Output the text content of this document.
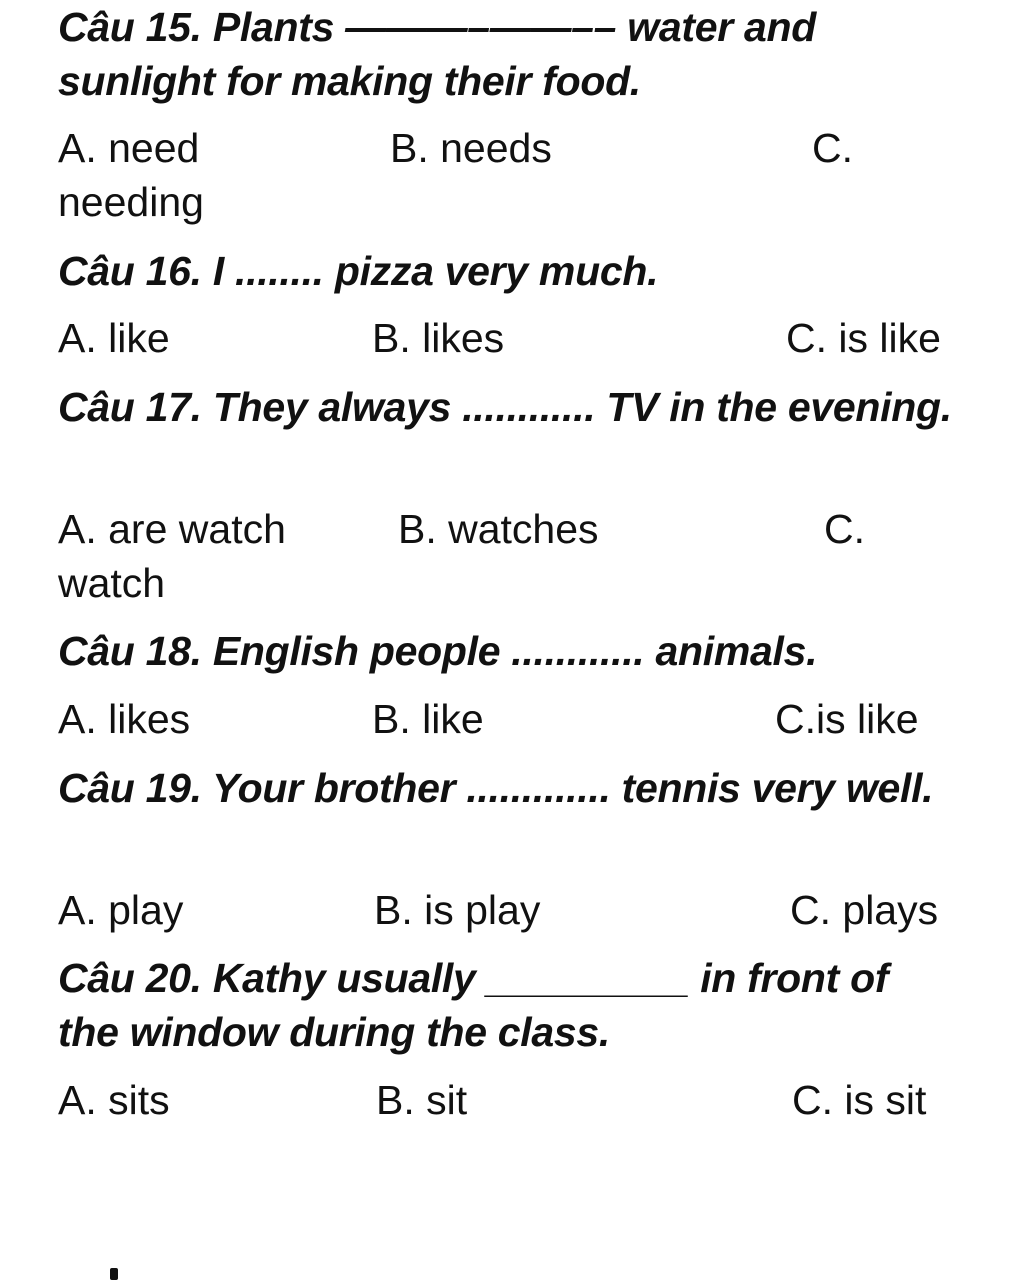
Câu 15. Plants ———–——–– water and sunlight for making their food.

A. need	B. needs	C.
needing

Câu 16. I ........ pizza very much.

A. like	B. likes	C. is like

Câu 17. They always ............ TV in the evening.

A. are watch	B. watches	C.
watch

Câu 18. English people ............ animals.

A. likes	B. like	C.is like

Câu 19. Your brother ............. tennis very well.

A. play	B. is play	C. plays

Câu 20. Kathy usually _________ in front of the window during the class.

A. sits	B. sit	C. is sit
